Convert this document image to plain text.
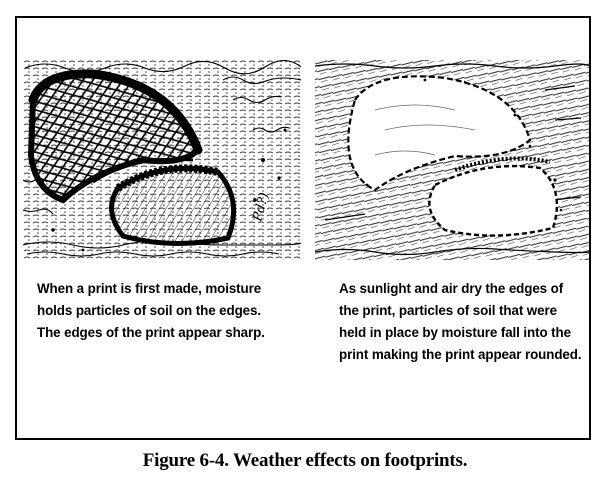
Pd?)
When a print is first made, moisture
holds particles of soil on the edges.
The edges of the print appear sharp.
As sunlight and air dry the edges of
the print, particles of soil that were
held in place by moisture fall into the
print making the print appear rounded.
Figure 6-4. Weather effects on footprints.
